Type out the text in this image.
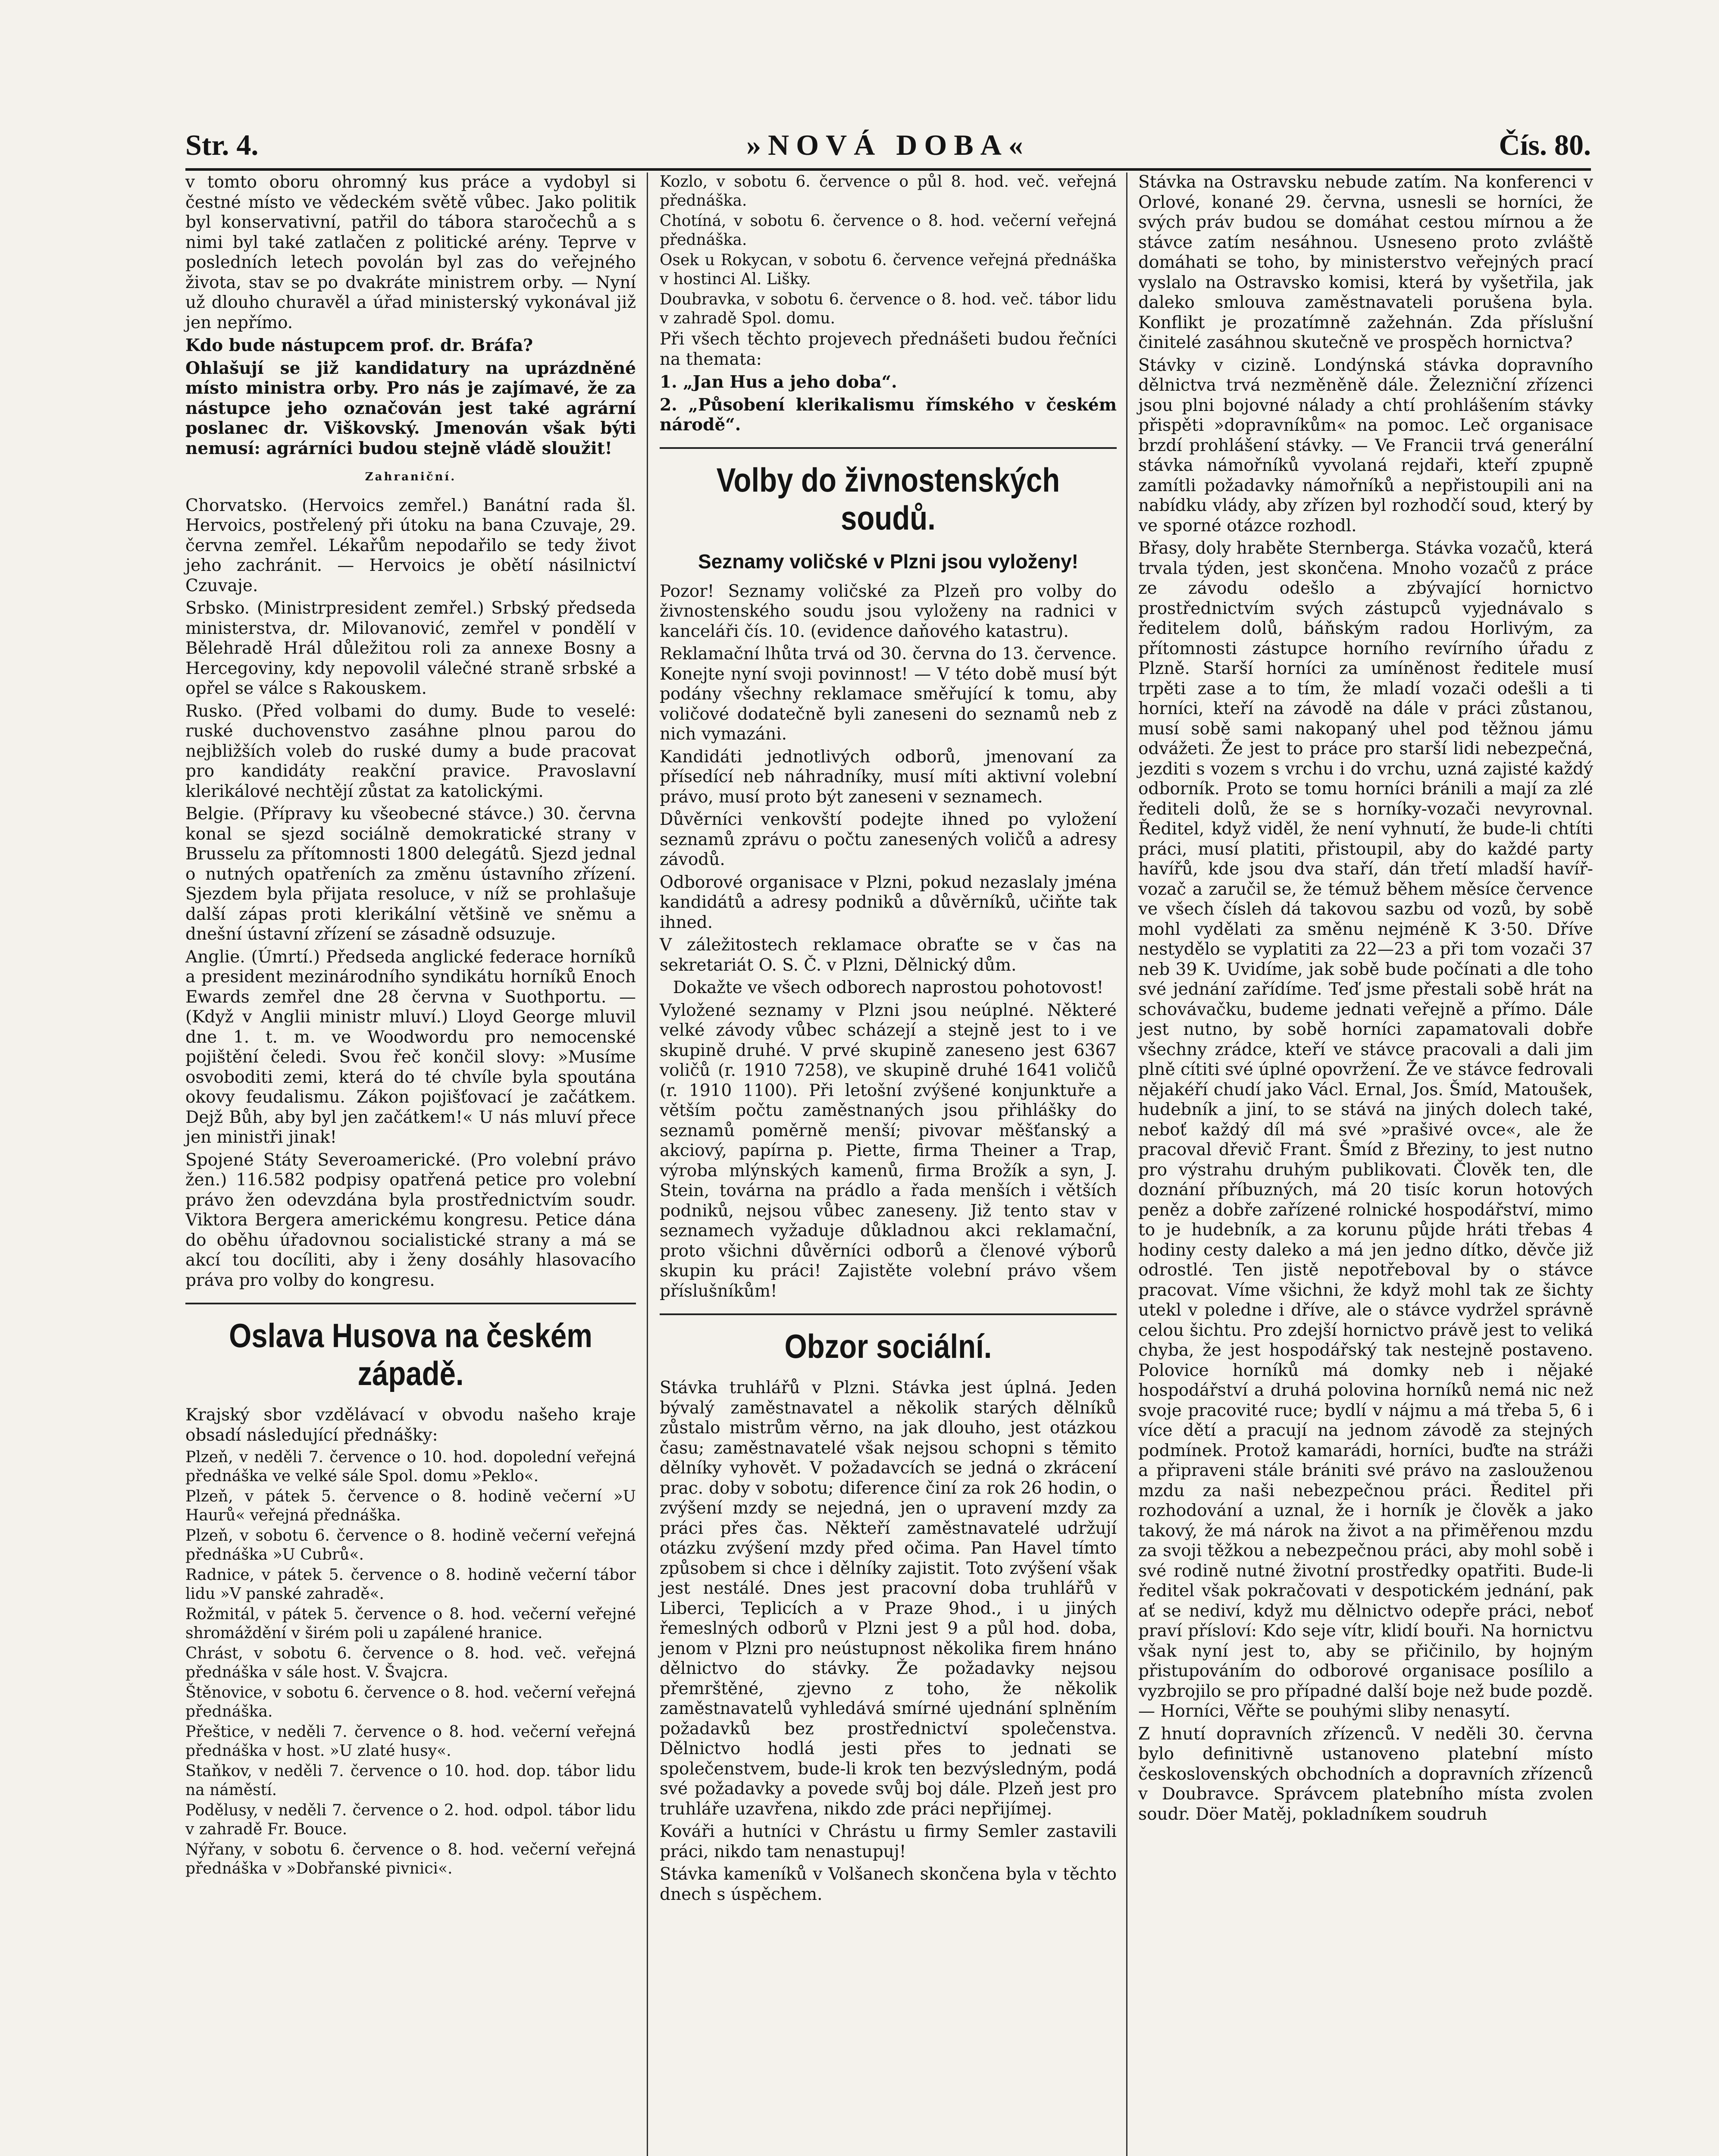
Str. 4.	»NOVÁ DOBA«	Čís. 80.

v tomto oboru ohromný kus práce a vydobyl si čestné místo ve vědeckém světě vůbec. Jako politik byl konservativní, patřil do tábora staročechů a s nimi byl také zatlačen z politické arény. Teprve v posledních letech povolán byl zas do veřejného života, stav se po dvakráte ministrem orby. — Nyní už dlouho churavěl a úřad ministerský vykonával již jen nepřímo.

Kdo bude nástupcem prof. dr. Bráfa?

Ohlašují se již kandidatury na uprázdněné místo ministra orby. Pro nás je zajímavé, že za nástupce jeho označován jest také agrární poslanec dr. Viškovský. Jmenován však býti nemusí: agrárníci budou stejně vládě sloužit!

Zahraniční.

Chorvatsko. (Hervoics zemřel.) Banátní rada šl. Hervoics, postřelený při útoku na bana Czuvaje, 29. června zemřel. Lékařům nepodařilo se tedy život jeho zachránit. — Hervoics je obětí násilnictví Czuvaje.

Srbsko. (Ministrpresident zemřel.) Srbský předseda ministerstva, dr. Milovanović, zemřel v pondělí v Bělehradě Hrál důležitou roli za annexe Bosny a Hercegoviny, kdy nepovolil válečné straně srbské a opřel se válce s Rakouskem.

Rusko. (Před volbami do dumy. Bude to veselé: ruské duchovenstvo zasáhne plnou parou do nejbližších voleb do ruské dumy a bude pracovat pro kandidáty reakční pravice. Pravoslavní klerikálové nechtějí zůstat za katolickými.

Belgie. (Přípravy ku všeobecné stávce.) 30. června konal se sjezd sociálně demokratické strany v Brusselu za přítomnosti 1800 delegátů. Sjezd jednal o nutných opatřeních za změnu ústavního zřízení. Sjezdem byla přijata resoluce, v níž se prohlašuje další zápas proti klerikální většině ve sněmu a dnešní ústavní zřízení se zásadně odsuzuje.

Anglie. (Úmrtí.) Předseda anglické federace horníků a president mezinárodního syndikátu horníků Enoch Ewards zemřel dne 28 června v Suothportu. — (Když v Anglii ministr mluví.) Lloyd George mluvil dne 1. t. m. ve Woodwordu pro nemocenské pojištění čeledi. Svou řeč končil slovy: »Musíme osvoboditi zemi, která do té chvíle byla spoutána okovy feudalismu. Zákon pojišťovací je začátkem. Dejž Bůh, aby byl jen začátkem!« U nás mluví přece jen ministři jinak!

Spojené Státy Severoamerické. (Pro volební právo žen.) 116.582 podpisy opatřená petice pro volební právo žen odevzdána byla prostřednictvím soudr. Viktora Bergera americkému kongresu. Petice dána do oběhu úřadovnou socialistické strany a má se akcí tou docíliti, aby i ženy dosáhly hlasovacího práva pro volby do kongresu.

Oslava Husova na českém západě.

Krajský sbor vzdělávací v obvodu našeho kraje obsadí následující přednášky:

Plzeň, v neděli 7. července o 10. hod. dopolední veřejná přednáška ve velké sále Spol. domu »Peklo«.

Plzeň, v pátek 5. července o 8. hodině večerní »U Haurů« veřejná přednáška.

Plzeň, v sobotu 6. července o 8. hodině večerní veřejná přednáška »U Cubrů«.

Radnice, v pátek 5. července o 8. hodině večerní tábor lidu »V panské zahradě«.

Rožmitál, v pátek 5. července o 8. hod. večerní veřejné shromáždění v širém poli u zapálené hranice.

Chrást, v sobotu 6. července o 8. hod. več. veřejná přednáška v sále host. V. Švajcra.

Štěnovice, v sobotu 6. července o 8. hod. večerní veřejná přednáška.

Přeštice, v neděli 7. července o 8. hod. večerní veřejná přednáška v host. »U zlaté husy«.

Staňkov, v neděli 7. července o 10. hod. dop. tábor lidu na náměstí.

Podělusy, v neděli 7. července o 2. hod. odpol. tábor lidu v zahradě Fr. Bouce.

Nýřany, v sobotu 6. července o 8. hod. večerní veřejná přednáška v »Dobřanské pivnici«.

Kozlo, v sobotu 6. července o půl 8. hod. več. veřejná přednáška.

Chotíná, v sobotu 6. července o 8. hod. večerní veřejná přednáška.

Osek u Rokycan, v sobotu 6. července veřejná přednáška v hostinci Al. Lišky.

Doubravka, v sobotu 6. července o 8. hod. več. tábor lidu v zahradě Spol. domu.

Při všech těchto projevech přednášeti budou řečníci na themata:

1. „Jan Hus a jeho doba“.

2. „Působení klerikalismu římského v českém národě“.

Volby do živnostenských soudů.
Seznamy voličské v Plzni jsou vyloženy!

Pozor! Seznamy voličské za Plzeň pro volby do živnostenského soudu jsou vyloženy na radnici v kanceláři čís. 10. (evidence daňového katastru).

Reklamační lhůta trvá od 30. června do 13. července. Konejte nyní svoji povinnost! — V této době musí být podány všechny reklamace směřující k tomu, aby voličové dodatečně byli zaneseni do seznamů neb z nich vymazáni.

Kandidáti jednotlivých odborů, jmenovaní za přísedící neb náhradníky, musí míti aktivní volební právo, musí proto být zaneseni v seznamech.

Důvěrníci venkovští podejte ihned po vyložení seznamů zprávu o počtu zanesených voličů a adresy závodů.

Odborové organisace v Plzni, pokud nezaslaly jména kandidátů a adresy podniků a důvěrníků, učiňte tak ihned.

V záležitostech reklamace obraťte se v čas na sekretariát O. S. Č. v Plzni, Dělnický dům.

Dokažte ve všech odborech naprostou pohotovost!

Vyložené seznamy v Plzni jsou neúplné. Některé velké závody vůbec scházejí a stejně jest to i ve skupině druhé. V prvé skupině zaneseno jest 6367 voličů (r. 1910 7258), ve skupině druhé 1641 voličů (r. 1910 1100). Při letošní zvýšené konjunktuře a větším počtu zaměstnaných jsou přihlášky do seznamů poměrně menší; pivovar měšťanský a akciový, papírna p. Piette, firma Theiner a Trap, výroba mlýnských kamenů, firma Brožík a syn, J. Stein, továrna na prádlo a řada menších i větších podniků, nejsou vůbec zaneseny. Již tento stav v seznamech vyžaduje důkladnou akci reklamační, proto všichni důvěrníci odborů a členové výborů skupin ku práci! Zajistěte volební právo všem příslušníkům!

Obzor sociální.

Stávka truhlářů v Plzni. Stávka jest úplná. Jeden bývalý zaměstnavatel a několik starých dělníků zůstalo mistrům věrno, na jak dlouho, jest otázkou času; zaměstnavatelé však nejsou schopni s těmito dělníky vyhovět. V požadavcích se jedná o zkrácení prac. doby v sobotu; diference činí za rok 26 hodin, o zvýšení mzdy se nejedná, jen o upravení mzdy za práci přes čas. Někteří zaměstnavatelé udržují otázku zvýšení mzdy před očima. Pan Havel tímto způsobem si chce i dělníky zajistit. Toto zvýšení však jest nestálé. Dnes jest pracovní doba truhlářů v Liberci, Teplicích a v Praze 9hod., i u jiných řemeslných odborů v Plzni jest 9 a půl hod. doba, jenom v Plzni pro neústupnost několika firem hnáno dělnictvo do stávky. Že požadavky nejsou přemrštěné, zjevno z toho, že několik zaměstnavatelů vyhledává smírné ujednání splněním požadavků bez prostřednictví společenstva. Dělnictvo hodlá jesti přes to jednati se společenstvem, bude-li krok ten bezvýsledným, podá své požadavky a povede svůj boj dále. Plzeň jest pro truhláře uzavřena, nikdo zde práci nepřijímej.

Kováři a hutníci v Chrástu u firmy Semler zastavili práci, nikdo tam nenastupuj!

Stávka kameníků v Volšanech skončena byla v těchto dnech s úspěchem.

Stávka na Ostravsku nebude zatím. Na konferenci v Orlové, konané 29. června, usnesli se horníci, že svých práv budou se domáhat cestou mírnou a že stávce zatím nesáhnou. Usneseno proto zvláště domáhati se toho, by ministerstvo veřejných prací vyslalo na Ostravsko komisi, která by vyšetřila, jak daleko smlouva zaměstnavateli porušena byla. Konflikt je prozatímně zažehnán. Zda příslušní činitelé zasáhnou skutečně ve prospěch hornictva?

Stávky v cizině. Londýnská stávka dopravního dělnictva trvá nezměněně dále. Železniční zřízenci jsou plni bojovné nálady a chtí prohlášením stávky přispěti »dopravníkům« na pomoc. Leč organisace brzdí prohlášení stávky. — Ve Francii trvá generální stávka námořníků vyvolaná rejdaři, kteří zpupně zamítli požadavky námořníků a nepřistoupili ani na nabídku vlády, aby zřízen byl rozhodčí soud, který by ve sporné otázce rozhodl.

Břasy, doly hraběte Sternberga. Stávka vozačů, která trvala týden, jest skončena. Mnoho vozačů z práce ze závodu odešlo a zbývající hornictvo prostřednictvím svých zástupců vyjednávalo s ředitelem dolů, báňským radou Horlivým, za přítomnosti zástupce horního revírního úřadu z Plzně. Starší horníci za umíněnost ředitele musí trpěti zase a to tím, že mladí vozači odešli a ti horníci, kteří na závodě na dále v práci zůstanou, musí sobě sami nakopaný uhel pod těžnou jámu odvážeti. Že jest to práce pro starší lidi nebezpečná, jezditi s vozem s vrchu i do vrchu, uzná zajisté každý odborník. Proto se tomu horníci bránili a mají za zlé řediteli dolů, že se s horníky-vozači nevyrovnal. Ředitel, když viděl, že není vyhnutí, že bude-li chtíti práci, musí platiti, přistoupil, aby do každé party havířů, kde jsou dva staří, dán třetí mladší havíř-vozač a zaručil se, že témuž během měsíce července ve všech čísleh dá takovou sazbu od vozů, by sobě mohl vydělati za směnu nejméně K 3·50. Dříve nestydělo se vyplatiti za 22—23 a při tom vozači 37 neb 39 K. Uvidíme, jak sobě bude počínati a dle toho své jednání zařídíme. Teď jsme přestali sobě hrát na schovávačku, budeme jednati veřejně a přímo. Dále jest nutno, by sobě horníci zapamatovali dobře všechny zrádce, kteří ve stávce pracovali a dali jim plně cítiti své úplné opovržení. Že ve stávce fedrovali nějakéří chudí jako Václ. Ernal, Jos. Šmíd, Matoušek, hudebník a jiní, to se stává na jiných dolech také, neboť každý díl má své »prašivé ovce«, ale že pracoval dřevič Frant. Šmíd z Březiny, to jest nutno pro výstrahu druhým publikovati. Člověk ten, dle doznání příbuzných, má 20 tisíc korun hotových peněz a dobře zařízené rolnické hospodářství, mimo to je hudebník, a za korunu půjde hráti třebas 4 hodiny cesty daleko a má jen jedno dítko, děvče již odrostlé. Ten jistě nepotřeboval by o stávce pracovat. Víme všichni, že když mohl tak ze šichty utekl v poledne i dříve, ale o stávce vydržel správně celou šichtu. Pro zdejší hornictvo právě jest to veliká chyba, že jest hospodářský tak nestejně postaveno. Polovice horníků má domky neb i nějaké hospodářství a druhá polovina horníků nemá nic než svoje pracovité ruce; bydlí v nájmu a má třeba 5, 6 i více dětí a pracují na jednom závodě za stejných podmínek. Protož kamarádi, horníci, buďte na stráži a připraveni stále brániti své právo na zaslouženou mzdu za naši nebezpečnou práci. Ředitel při rozhodování a uznal, že i horník je člověk a jako takový, že má nárok na život a na přiměřenou mzdu za svoji těžkou a nebezpečnou práci, aby mohl sobě i své rodině nutné životní prostředky opatřiti. Bude-li ředitel však pokračovati v despotickém jednání, pak ať se nediví, když mu dělnictvo odepře práci, neboť praví přísloví: Kdo seje vítr, klidí bouři. Na hornictvu však nyní jest to, aby se přičinilo, by hojným přistupováním do odborové organisace posílilo a vyzbrojilo se pro případné další boje než bude pozdě. — Horníci, Věřte se pouhými sliby nenasytí.

Z hnutí dopravních zřízenců. V neděli 30. června bylo definitivně ustanoveno platební místo československých obchodních a dopravních zřízenců v Doubravce. Správcem platebního místa zvolen soudr. Döer Matěj, pokladníkem soudruh
